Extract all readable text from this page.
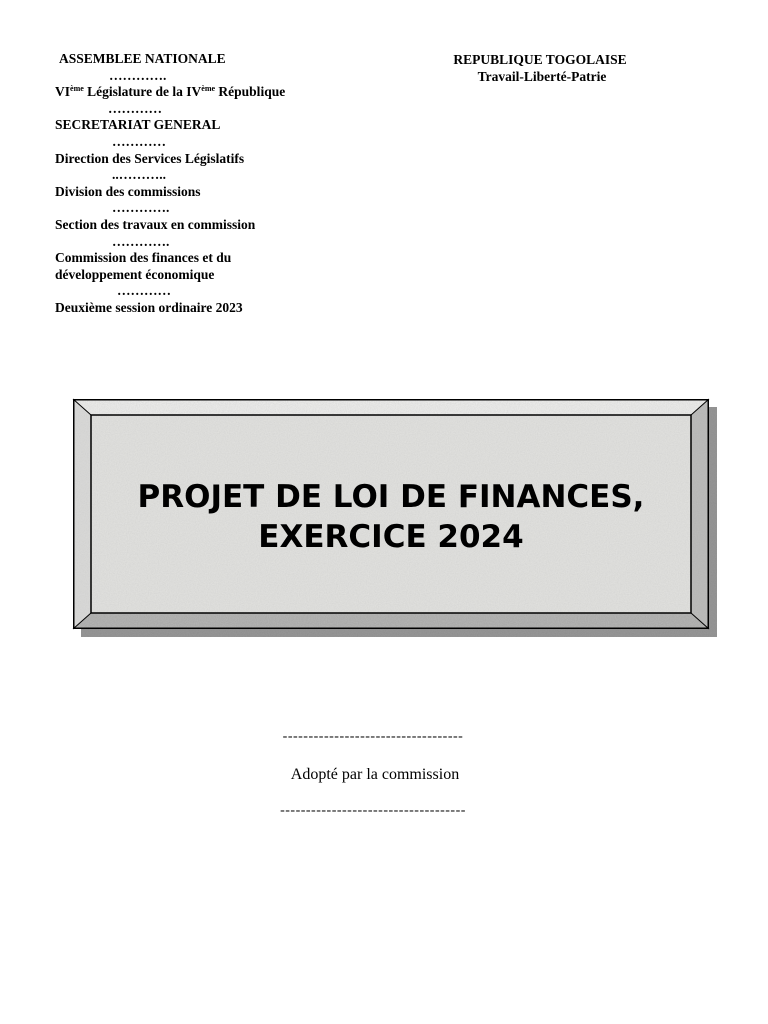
ASSEMBLEE NATIONALE
………….
VIème Législature de la IVème République
…………
SECRETARIAT GENERAL
…………
Direction des Services Législatifs
..………..
Division des commissions
………….
Section des travaux en commission
………….
Commission des finances et du
développement économique
…………
Deuxième session ordinaire 2023
REPUBLIQUE TOGOLAISE
Travail-Liberté-Patrie
PROJET DE LOI DE FINANCES,
EXERCICE 2024
-----------------------------------
Adopté par la commission
------------------------------------
